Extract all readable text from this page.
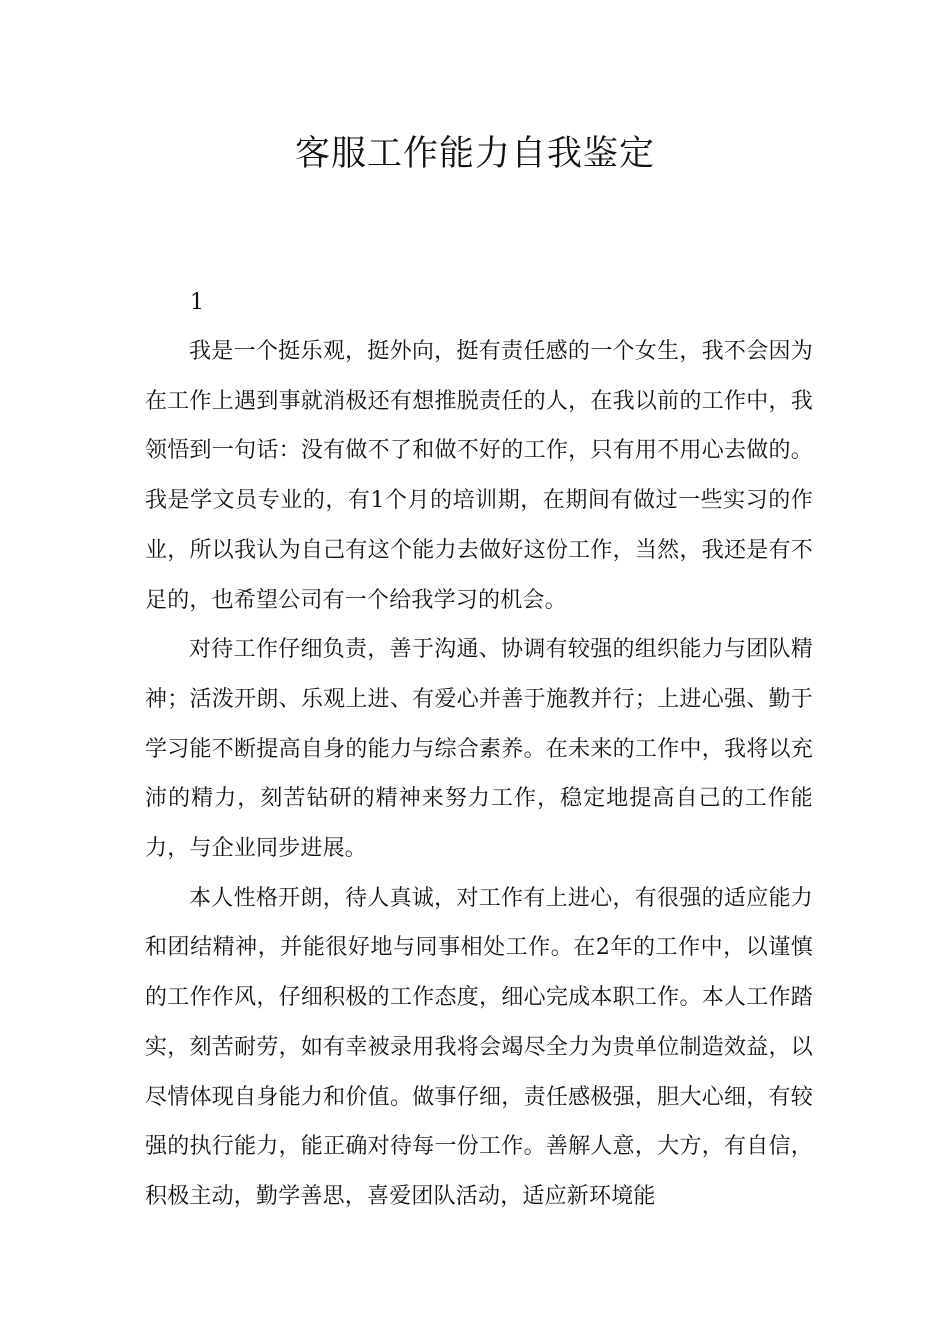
客服工作能力自我鉴定
1

我是一个挺乐观，挺外向，挺有责任感的一个女生，我不会因为在工作上遇到事就消极还有想推脱责任的人，在我以前的工作中，我领悟到一句话：没有做不了和做不好的工作，只有用不用心去做的。我是学文员专业的，有1个月的培训期，在期间有做过一些实习的作业，所以我认为自己有这个能力去做好这份工作，当然，我还是有不足的，也希望公司有一个给我学习的机会。

对待工作仔细负责，善于沟通、协调有较强的组织能力与团队精神；活泼开朗、乐观上进、有爱心并善于施教并行；上进心强、勤于学习能不断提高自身的能力与综合素养。在未来的工作中，我将以充沛的精力，刻苦钻研的精神来努力工作，稳定地提高自己的工作能力，与企业同步进展。

本人性格开朗，待人真诚，对工作有上进心，有很强的适应能力和团结精神，并能很好地与同事相处工作。在2年的工作中，以谨慎的工作作风，仔细积极的工作态度，细心完成本职工作。本人工作踏实，刻苦耐劳，如有幸被录用我将会竭尽全力为贵单位制造效益，以尽情体现自身能力和价值。做事仔细，责任感极强，胆大心细，有较强的执行能力，能正确对待每一份工作。善解人意，大方，有自信，积极主动，勤学善思，喜爱团队活动，适应新环境能
